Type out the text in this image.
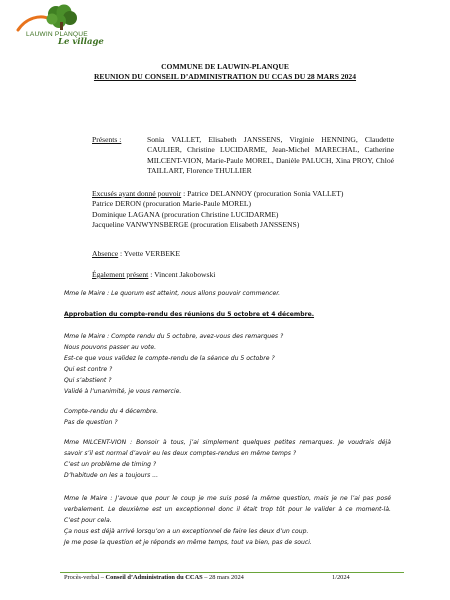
LAUWIN PLANQUE
Le village
COMMUNE DE LAUWIN-PLANQUE
REUNION DU CONSEIL D’ADMINISTRATION DU CCAS DU 28 MARS 2024
Présents :	Sonia VALLET, Elisabeth JANSSENS, Virginie HENNING, Claudette CAULIER, Christine LUCIDARME, Jean-Michel MARECHAL, Catherine MILCENT-VION, Marie-Paule MOREL, Danièle PALUCH, Xina PROY, Chloé TAILLART, Florence THULLIER
Excusés ayant donné pouvoir : Patrice DELANNOY (procuration Sonia VALLET)
Patrice DERON (procuration Marie-Paule MOREL)
Dominique LAGANA (procuration Christine LUCIDARME)
Jacqueline VANWYNSBERGE (procuration Elisabeth JANSSENS)
Absence : Yvette VERBEKE
Également présent : Vincent Jakobowski
Mme le Maire : Le quorum est atteint, nous allons pouvoir commencer.
Approbation du compte-rendu des réunions du 5 octobre et 4 décembre.
Mme le Maire : Compte rendu du 5 octobre, avez-vous des remarques ?
Nous pouvons passer au vote.
Est-ce que vous validez le compte-rendu de la séance du 5 octobre ?
Qui est contre ?
Qui s’abstient ?
Validé à l’unanimité, je vous remercie.
Compte-rendu du 4 décembre.
Pas de question ?
Mme MILCENT-VION : Bonsoir à tous, j’ai simplement quelques petites remarques. Je voudrais déjà
savoir s’il est normal d’avoir eu les deux comptes-rendus en même temps ?
C’est un problème de timing ?
D’habitude on les a toujours ...
Mme le Maire : J’avoue que pour le coup je me suis posé la même question, mais je ne l’ai pas posé
verbalement. Le deuxième est un exceptionnel donc il était trop tôt pour le valider à ce moment-là.
C’est pour cela.
Ça nous est déjà arrivé lorsqu’on a un exceptionnel de faire les deux d’un coup.
Je me pose la question et je réponds en même temps, tout va bien, pas de souci.
Procès-verbal – Conseil d’Administration du CCAS – 28 mars 2024	1/2024
